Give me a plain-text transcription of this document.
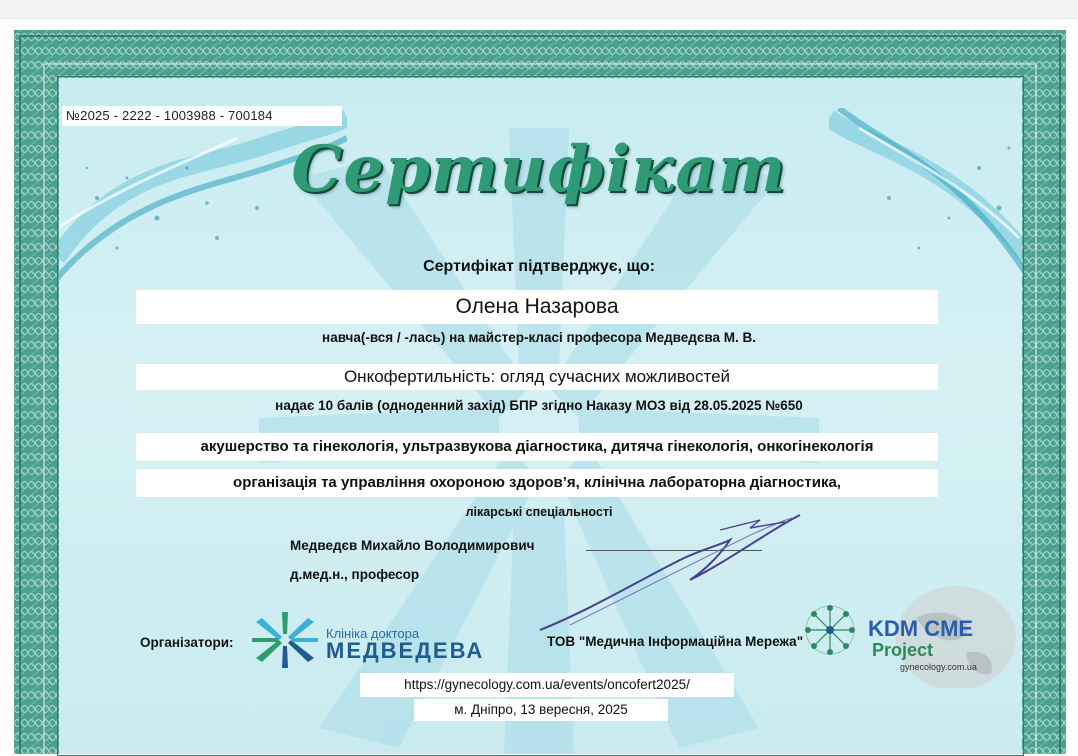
№2025 - 2222 - 1003988 - 700184
Сертифікат
Сертифікат підтверджує, що:
Олена Назарова
навча(-вся / -лась) на майстер-класі професора Медведєва М. В.
Онкофертильність: огляд сучасних можливостей
надає 10 балів (одноденний захід) БПР згідно Наказу МОЗ від 28.05.2025 №650
акушерство та гінекологія, ультразвукова діагностика, дитяча гінекологія, онкогінекологія
організація та управління охороною здоров’я, клінічна лабораторна діагностика,
лікарські спеціальності
Медведєв Михайло Володимирович
д.мед.н., професор
Організатори:
Клініка доктора
МЕДВЕДЕВА	ТОВ "Медична Інформаційна Мережа"
KDM CME
Project
gynecology.com.ua
https://gynecology.com.ua/events/oncofert2025/
м. Дніпро, 13 вересня, 2025
